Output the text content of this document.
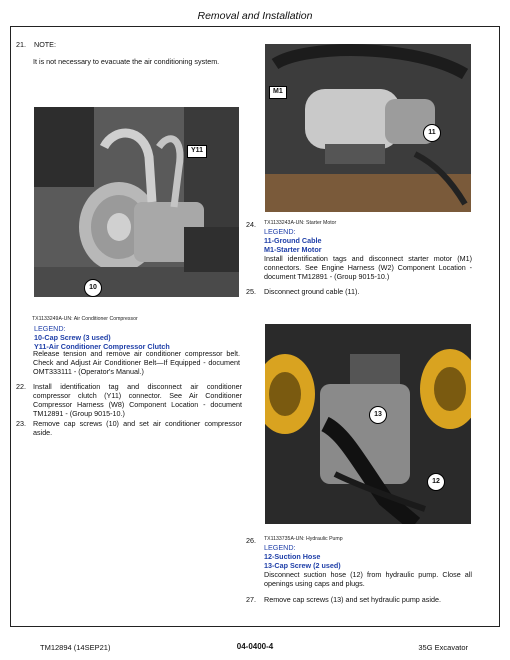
Removal and Installation
21. NOTE:
It is not necessary to evacuate the air conditioning system.
Y11
10
TX1133249A-UN: Air Conditioner Compressor
LEGEND:
10-Cap Screw (3 used)
Y11-Air Conditioner Compressor Clutch
Release tension and remove air conditioner compressor belt. Check and Adjust Air Conditioner Belt—If Equipped - document OMT333111 - (Operator's Manual.)
22. Install identification tag and disconnect air conditioner compressor clutch (Y11) connector. See Air Conditioner Compressor Harness (W8) Component Location - document TM12891 - (Group 9015-10.)
23. Remove cap screws (10) and set air conditioner compressor aside.
M1
11
24. TX1133243A-UN: Starter Motor
LEGEND:
11-Ground Cable
M1-Starter Motor
Install identification tags and disconnect starter motor (M1) connectors. See Engine Harness (W2) Component Location - document TM12891 - (Group 9015-10.)
25. Disconnect ground cable (11).
13
12
26. TX1133735A-UN: Hydraulic Pump
LEGEND:
12-Suction Hose
13-Cap Screw (2 used)
Disconnect suction hose (12) from hydraulic pump. Close all openings using caps and plugs.
27. Remove cap screws (13) and set hydraulic pump aside.
TM12894 (14SEP21)	04-0400-4	35G Excavator
